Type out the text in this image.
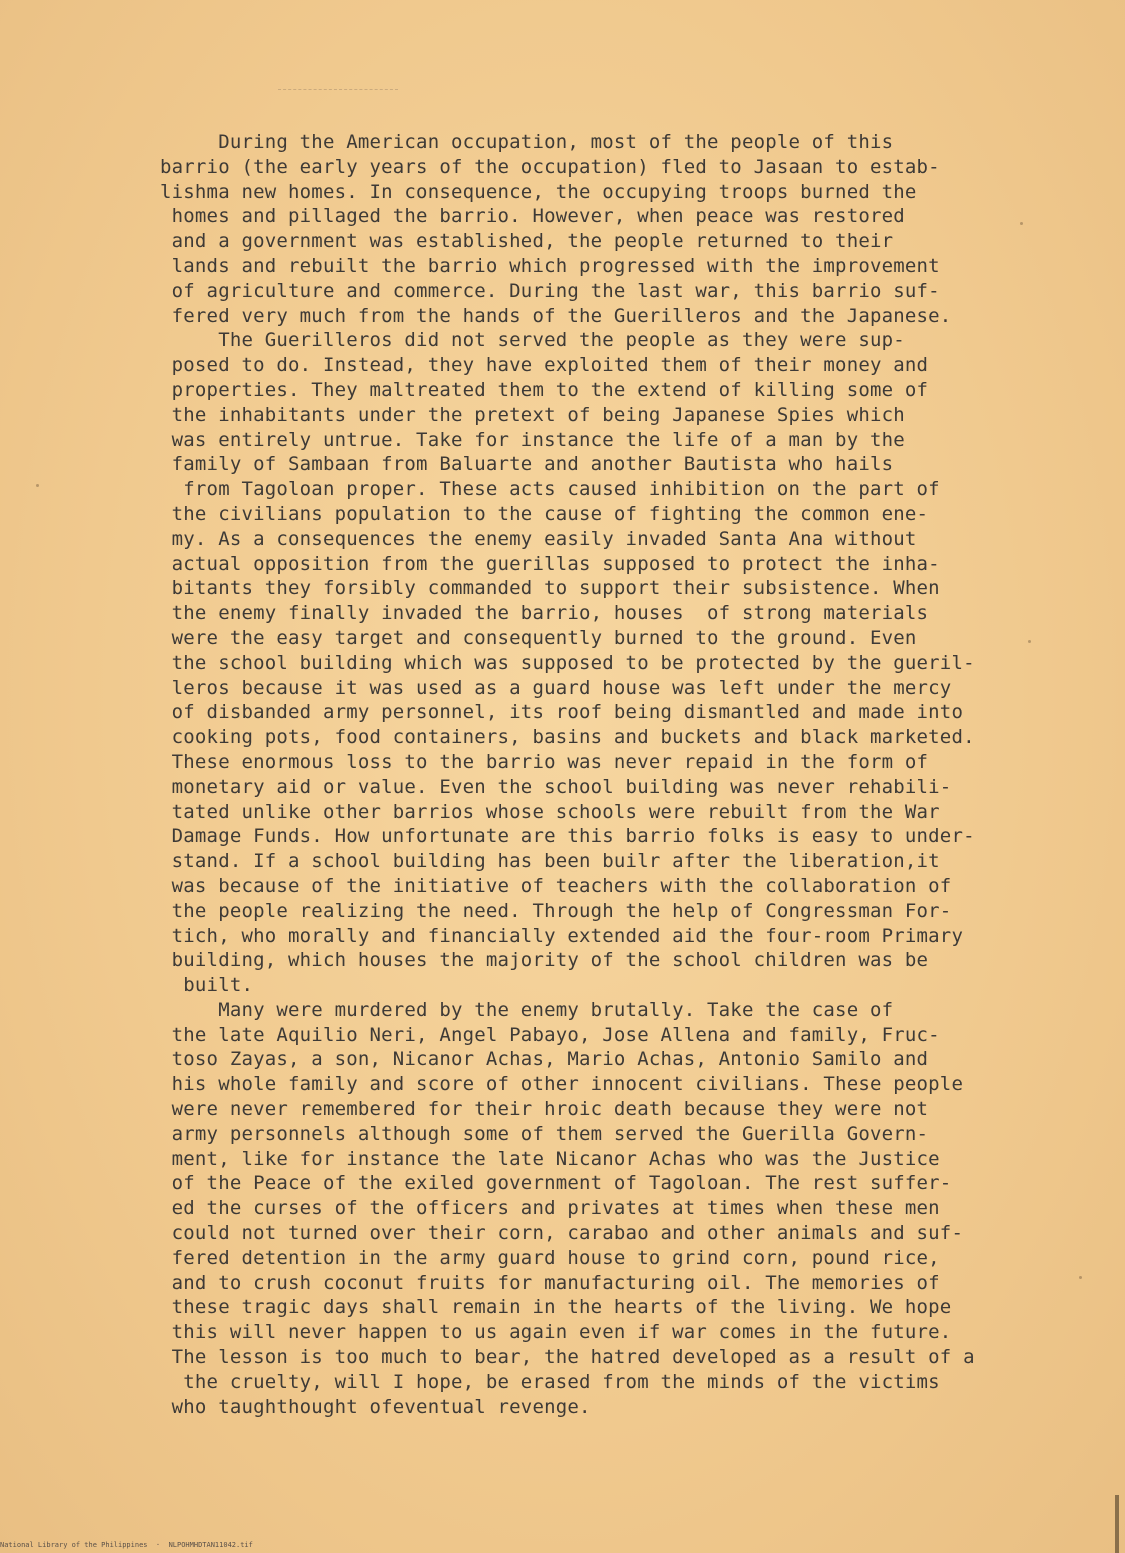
During the American occupation, most of the people of this
barrio (the early years of the occupation) fled to Jasaan to estab-
lishma new homes. In consequence, the occupying troops burned the
homes and pillaged the barrio. However, when peace was restored
and a government was established, the people returned to their
lands and rebuilt the barrio which progressed with the improvement
of agriculture and commerce. During the last war, this barrio suf-
fered very much from the hands of the Guerilleros and the Japanese.
The Guerilleros did not served the people as they were sup-
posed to do. Instead, they have exploited them of their money and
properties. They maltreated them to the extend of killing some of
the inhabitants under the pretext of being Japanese Spies which
was entirely untrue. Take for instance the life of a man by the
family of Sambaan from Baluarte and another Bautista who hails
from Tagoloan proper. These acts caused inhibition on the part of
the civilians population to the cause of fighting the common ene-
my. As a consequences the enemy easily invaded Santa Ana without
actual opposition from the guerillas supposed to protect the inha-
bitants they forsibly commanded to support their subsistence. When
the enemy finally invaded the barrio, houses  of strong materials
were the easy target and consequently burned to the ground. Even
the school building which was supposed to be protected by the gueril-
leros because it was used as a guard house was left under the mercy
of disbanded army personnel, its roof being dismantled and made into
cooking pots, food containers, basins and buckets and black marketed.
These enormous loss to the barrio was never repaid in the form of
monetary aid or value. Even the school building was never rehabili-
tated unlike other barrios whose schools were rebuilt from the War
Damage Funds. How unfortunate are this barrio folks is easy to under-
stand. If a school building has been builr after the liberation,it
was because of the initiative of teachers with the collaboration of
the people realizing the need. Through the help of Congressman For-
tich, who morally and financially extended aid the four-room Primary
building, which houses the majority of the school children was be
built.
Many were murdered by the enemy brutally. Take the case of
the late Aquilio Neri, Angel Pabayo, Jose Allena and family, Fruc-
toso Zayas, a son, Nicanor Achas, Mario Achas, Antonio Samilo and
his whole family and score of other innocent civilians. These people
were never remembered for their hroic death because they were not
army personnels although some of them served the Guerilla Govern-
ment, like for instance the late Nicanor Achas who was the Justice
of the Peace of the exiled government of Tagoloan. The rest suffer-
ed the curses of the officers and privates at times when these men
could not turned over their corn, carabao and other animals and suf-
fered detention in the army guard house to grind corn, pound rice,
and to crush coconut fruits for manufacturing oil. The memories of
these tragic days shall remain in the hearts of the living. We hope
this will never happen to us again even if war comes in the future.
The lesson is too much to bear, the hatred developed as a result of a
the cruelty, will I hope, be erased from the minds of the victims
who taughthought ofeventual revenge.
National Library of the Philippines  ·  NLPOHMHDTAN11042.tif
